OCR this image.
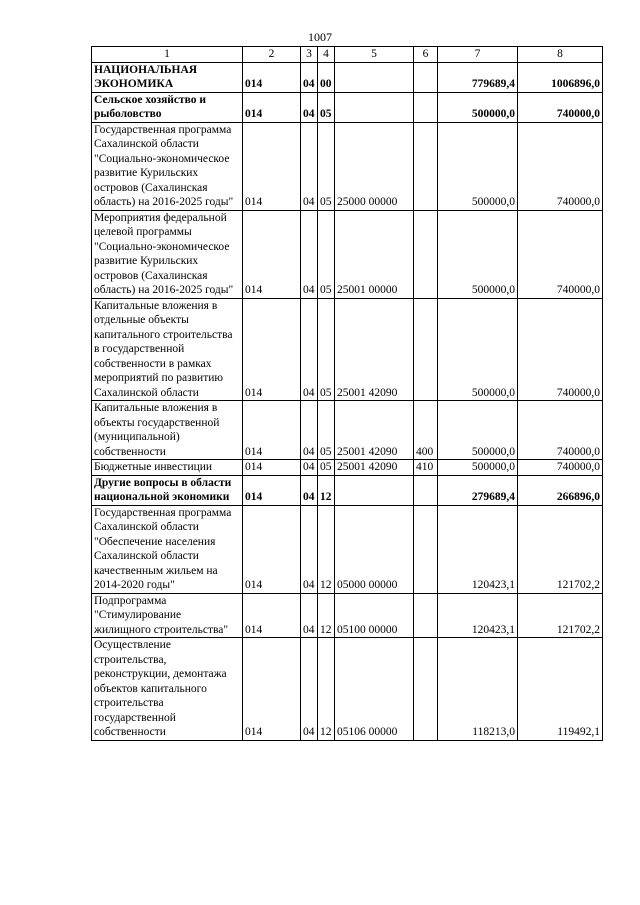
1007
1	2	3	4	5	6	7	8
НАЦИОНАЛЬНАЯ ЭКОНОМИКА	014	04	00			779689,4	1006896,0
Сельское хозяйство и рыболовство	014	04	05			500000,0	740000,0
Государственная программа Сахалинской области "Социально-экономическое развитие Курильских островов (Сахалинская область) на 2016-2025 годы"	014	04	05	25000 00000		500000,0	740000,0
Мероприятия федеральной целевой программы "Социально-экономическое развитие Курильских островов (Сахалинская область) на 2016-2025 годы"	014	04	05	25001 00000		500000,0	740000,0
Капитальные вложения в отдельные объекты капитального строительства в государственной собственности в рамках мероприятий по развитию Сахалинской области	014	04	05	25001 42090		500000,0	740000,0
Капитальные вложения в объекты государственной (муниципальной) собственности	014	04	05	25001 42090	400	500000,0	740000,0
Бюджетные инвестиции	014	04	05	25001 42090	410	500000,0	740000,0
Другие вопросы в области национальной экономики	014	04	12			279689,4	266896,0
Государственная программа Сахалинской области "Обеспечение населения Сахалинской области качественным жильем на 2014-2020 годы"	014	04	12	05000 00000		120423,1	121702,2
Подпрограмма "Стимулирование жилищного строительства"	014	04	12	05100 00000		120423,1	121702,2
Осуществление строительства, реконструкции, демонтажа объектов капитального строительства государственной собственности	014	04	12	05106 00000		118213,0	119492,1
